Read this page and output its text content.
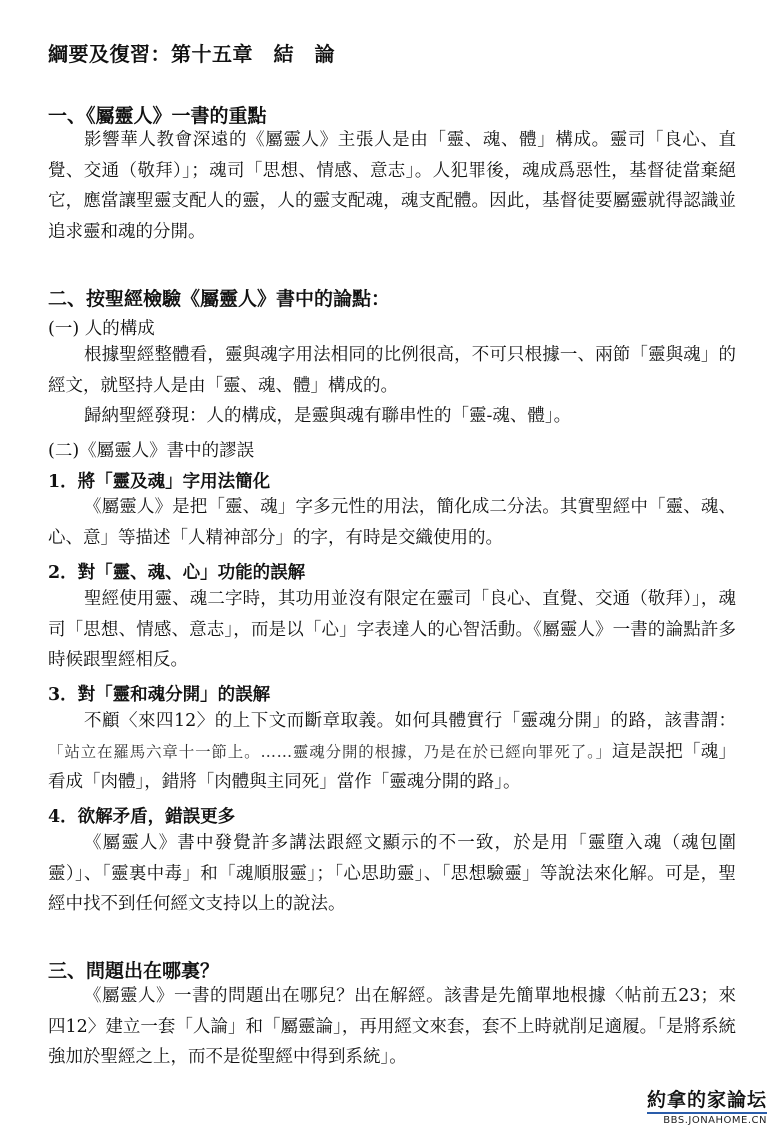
綱要及復習：第十五章　結　論
一、《屬靈人》一書的重點

影響華人教會深遠的《屬靈人》主張人是由「靈、魂、體」構成。靈司「良心、直覺、交通（敬拜）」；魂司「思想、情感、意志」。人犯罪後，魂成爲惡性，基督徒當棄絕它，應當讓聖靈支配人的靈，人的靈支配魂，魂支配體。因此，基督徒要屬靈就得認識並追求靈和魂的分開。

二、按聖經檢驗《屬靈人》書中的論點：
(一) 人的構成

根據聖經整體看，靈與魂字用法相同的比例很高，不可只根據一、兩節「靈與魂」的經文，就堅持人是由「靈、魂、體」構成的。

歸納聖經發現：人的構成，是靈與魂有聯串性的「靈-魂、體」。

(二)《屬靈人》書中的謬誤
1．將「靈及魂」字用法簡化

《屬靈人》是把「靈、魂」字多元性的用法，簡化成二分法。其實聖經中「靈、魂、心、意」等描述「人精神部分」的字，有時是交織使用的。

2．對「靈、魂、心」功能的誤解

聖經使用靈、魂二字時，其功用並沒有限定在靈司「良心、直覺、交通（敬拜）」，魂司「思想、情感、意志」，而是以「心」字表達人的心智活動。《屬靈人》一書的論點許多時候跟聖經相反。

3．對「靈和魂分開」的誤解

不顧〈來四12〉的上下文而斷章取義。如何具體實行「靈魂分開」的路，該書謂：「站立在羅馬六章十一節上。……靈魂分開的根據，乃是在於已經向罪死了。」這是誤把「魂」看成「肉體」，錯將「肉體與主同死」當作「靈魂分開的路」。

4．欲解矛盾，錯誤更多

《屬靈人》書中發覺許多講法跟經文顯示的不一致，於是用「靈墮入魂（魂包圍靈）」、「靈裏中毒」和「魂順服靈」；「心思助靈」、「思想驗靈」等說法來化解。可是，聖經中找不到任何經文支持以上的說法。

三、問題出在哪裏？

《屬靈人》一書的問題出在哪兒？出在解經。該書是先簡單地根據〈帖前五23；來四12〉建立一套「人論」和「屬靈論」，再用經文來套，套不上時就削足適履。「是將系統強加於聖經之上，而不是從聖經中得到系統」。

約拿的家論坛
BBS.JONAHOME.CN
